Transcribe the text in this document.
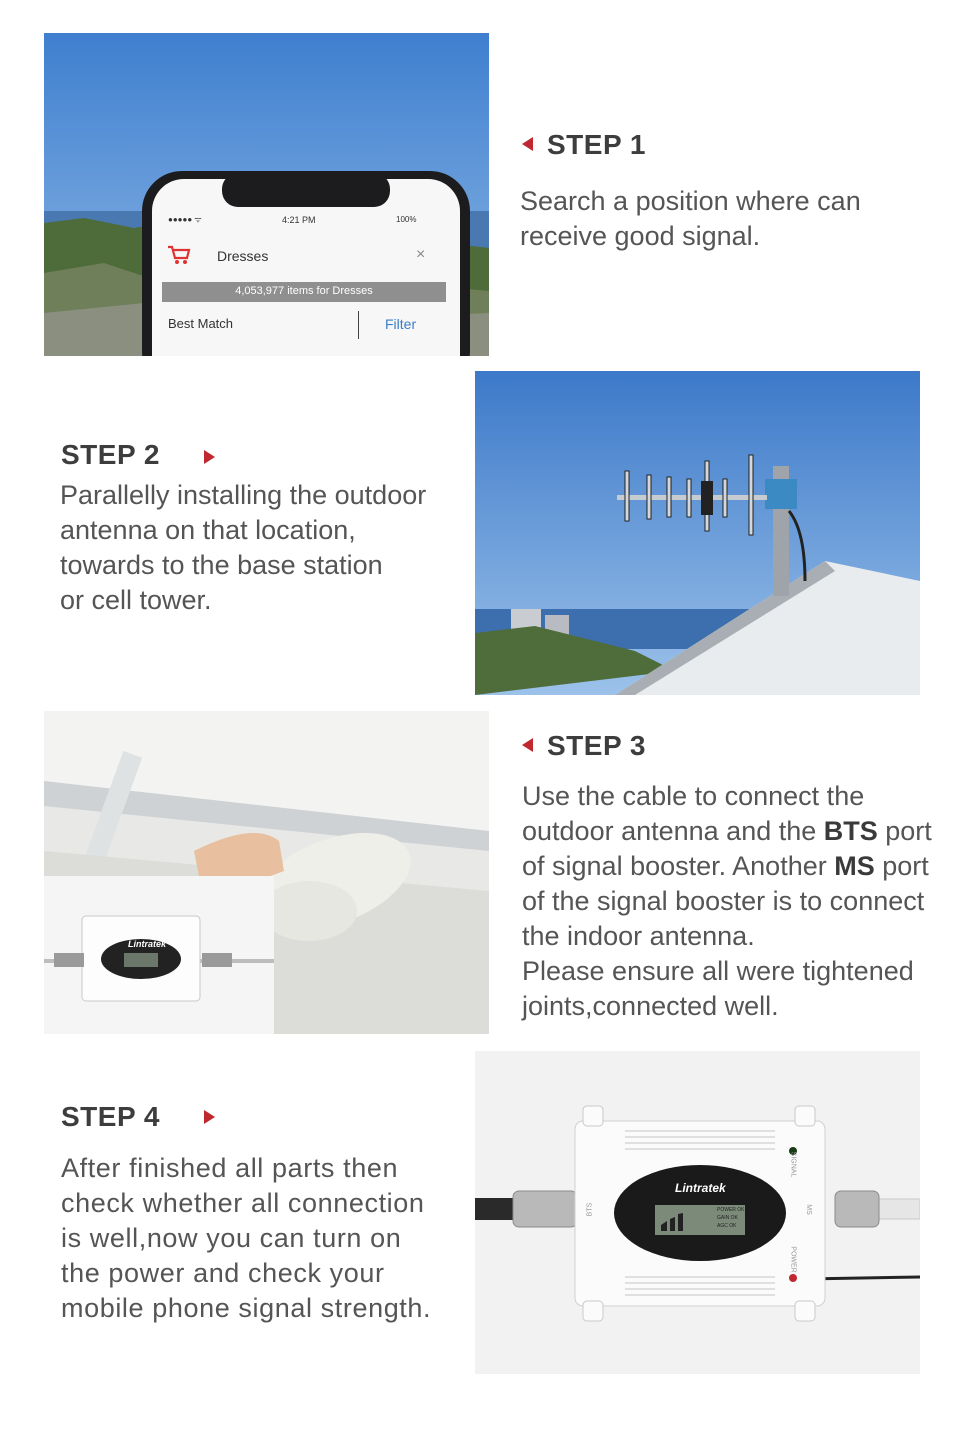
4:21 PM	100%
●●●●● ᯤ
Dresses	×
4,053,977 items for Dresses
Best Match	Filter
STEP 1
Search a position where can
receive good signal.
STEP 2
Parallelly installing the outdoor
antenna on that location,
towards to the base station
or cell tower.
Lintratek
STEP 3
Use the cable to connect the
outdoor antenna and the BTS port
of signal booster. Another MS port
of the signal booster is to connect
the indoor antenna.
Please ensure all were tightened
joints,connected well.
STEP 4
After finished all parts then
check whether all connection
is well,now you can turn on
the power and check your
mobile phone signal strength.
Lintratek
POWER OK
GAIN OK
AGC OK
BTS	MS
POWER
SIGNAL
